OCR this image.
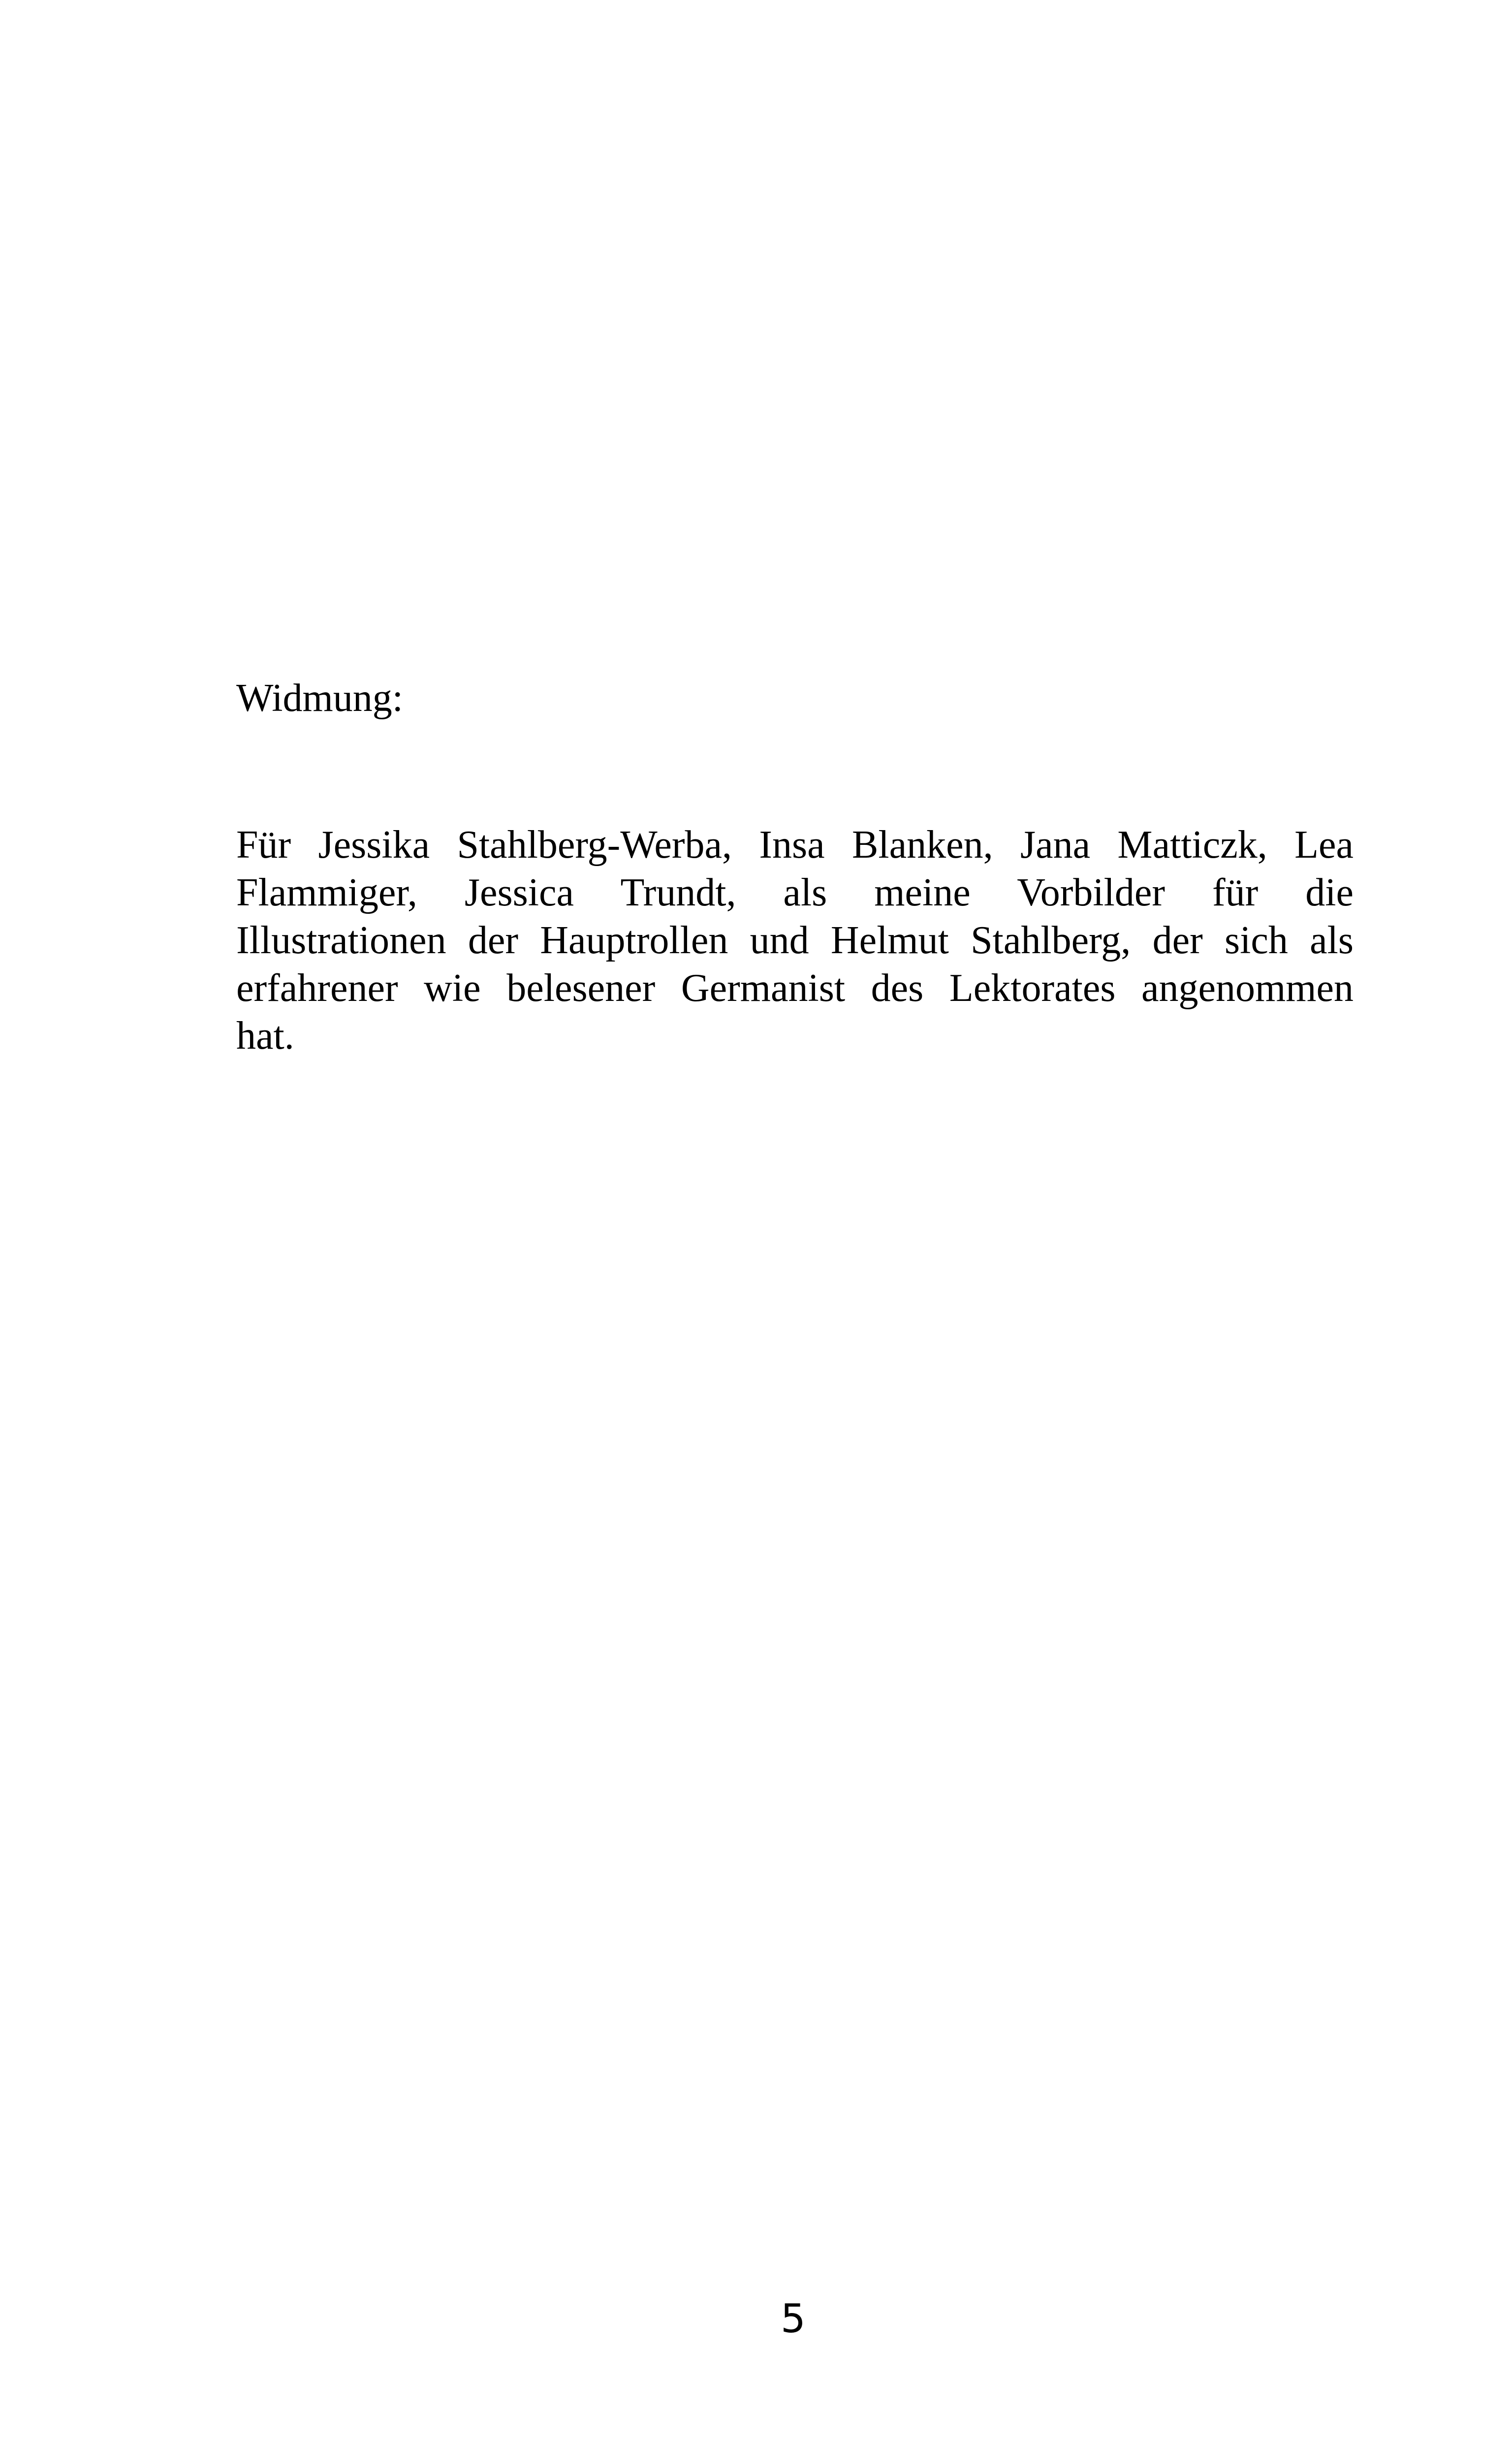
Widmung:

Für Jessika Stahlberg-Werba, Insa Blanken, Jana Matticzk, Lea
Flammiger, Jessica Trundt, als meine Vorbilder für die
Illustrationen der Hauptrollen und Helmut Stahlberg, der sich als
erfahrener wie belesener Germanist des Lektorates angenommen
hat.
5
